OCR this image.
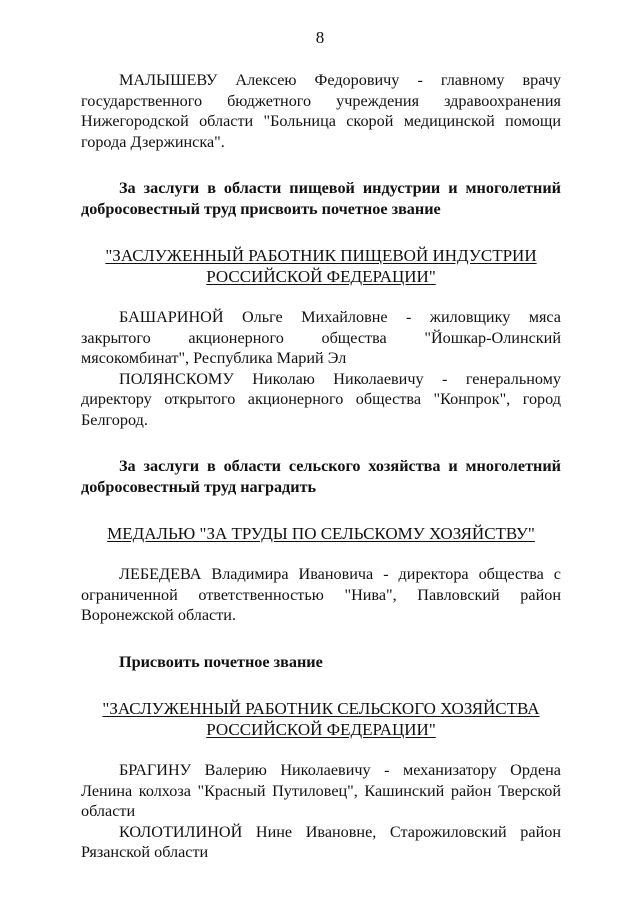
8

МАЛЫШЕВУ Алексею Федоровичу - главному врачу государственного бюджетного учреждения здравоохранения Нижегородской области "Больница скорой медицинской помощи города Дзержинска".

За заслуги в области пищевой индустрии и многолетний добросовестный труд присвоить почетное звание

"ЗАСЛУЖЕННЫЙ РАБОТНИК ПИЩЕВОЙ ИНДУСТРИИ

РОССИЙСКОЙ ФЕДЕРАЦИИ"

БАШАРИНОЙ Ольге Михайловне - жиловщику мяса закрытого акционерного общества "Йошкар-Олинский мясокомбинат", Республика Марий Эл

ПОЛЯНСКОМУ Николаю Николаевичу - генеральному директору открытого акционерного общества "Конпрок", город Белгород.

За заслуги в области сельского хозяйства и многолетний добросовестный труд наградить

МЕДАЛЬЮ "ЗА ТРУДЫ ПО СЕЛЬСКОМУ ХОЗЯЙСТВУ"

ЛЕБЕДЕВА Владимира Ивановича - директора общества с ограниченной ответственностью "Нива", Павловский район Воронежской области.

Присвоить почетное звание

"ЗАСЛУЖЕННЫЙ РАБОТНИК СЕЛЬСКОГО ХОЗЯЙСТВА

РОССИЙСКОЙ ФЕДЕРАЦИИ"

БРАГИНУ Валерию Николаевичу - механизатору Ордена Ленина колхоза "Красный Путиловец", Кашинский район Тверской области

КОЛОТИЛИНОЙ Нине Ивановне, Старожиловский район Рязанской области
